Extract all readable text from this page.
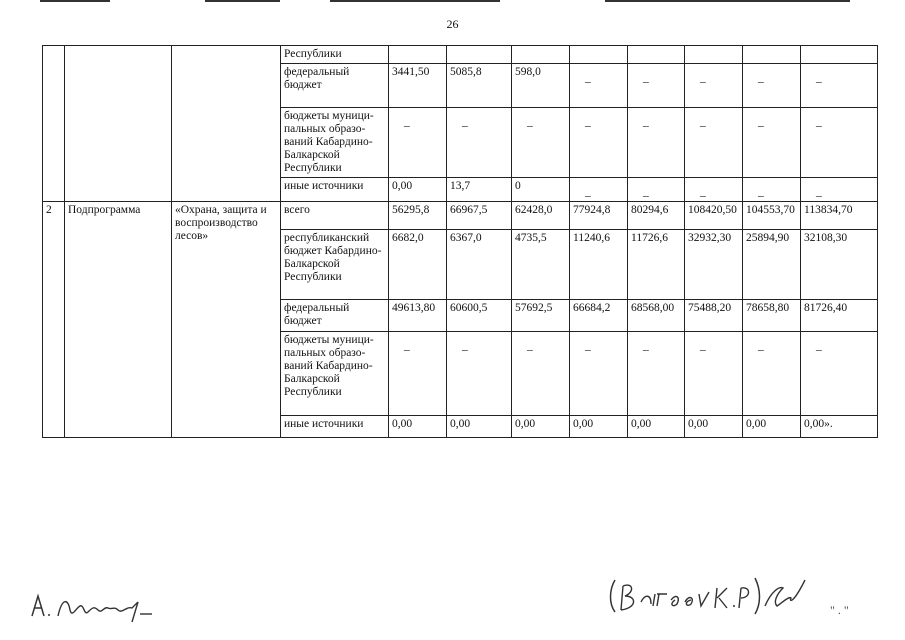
26
			Республики								
			федеральный бюджет	3441,50	5085,8	598,0	_	_	_	_	_
			бюджеты муници-пальных образо-ваний Кабардино-Балкарской Республики	_	_	_	_	_	_	_	_
			иные источники	0,00	13,7	0	_	_	_	_	_
2	Подпрограмма	«Охрана, защита и воспроизводство лесов»	всего	56295,8	66967,5	62428,0	77924,8	80294,6	108420,50	104553,70	113834,70
			республиканский бюджет Кабардино-Балкарской Республики	6682,0	6367,0	4735,5	11240,6	11726,6	32932,30	25894,90	32108,30
			федеральный бюджет	49613,80	60600,5	57692,5	66684,2	68568,00	75488,20	78658,80	81726,40
			бюджеты муници-пальных образо-ваний Кабардино-Балкарской Республики	_	_	_	_	_	_	_	_
			иные источники	0,00	0,00	0,00	0,00	0,00	0,00	0,00	0,00».
" . "
